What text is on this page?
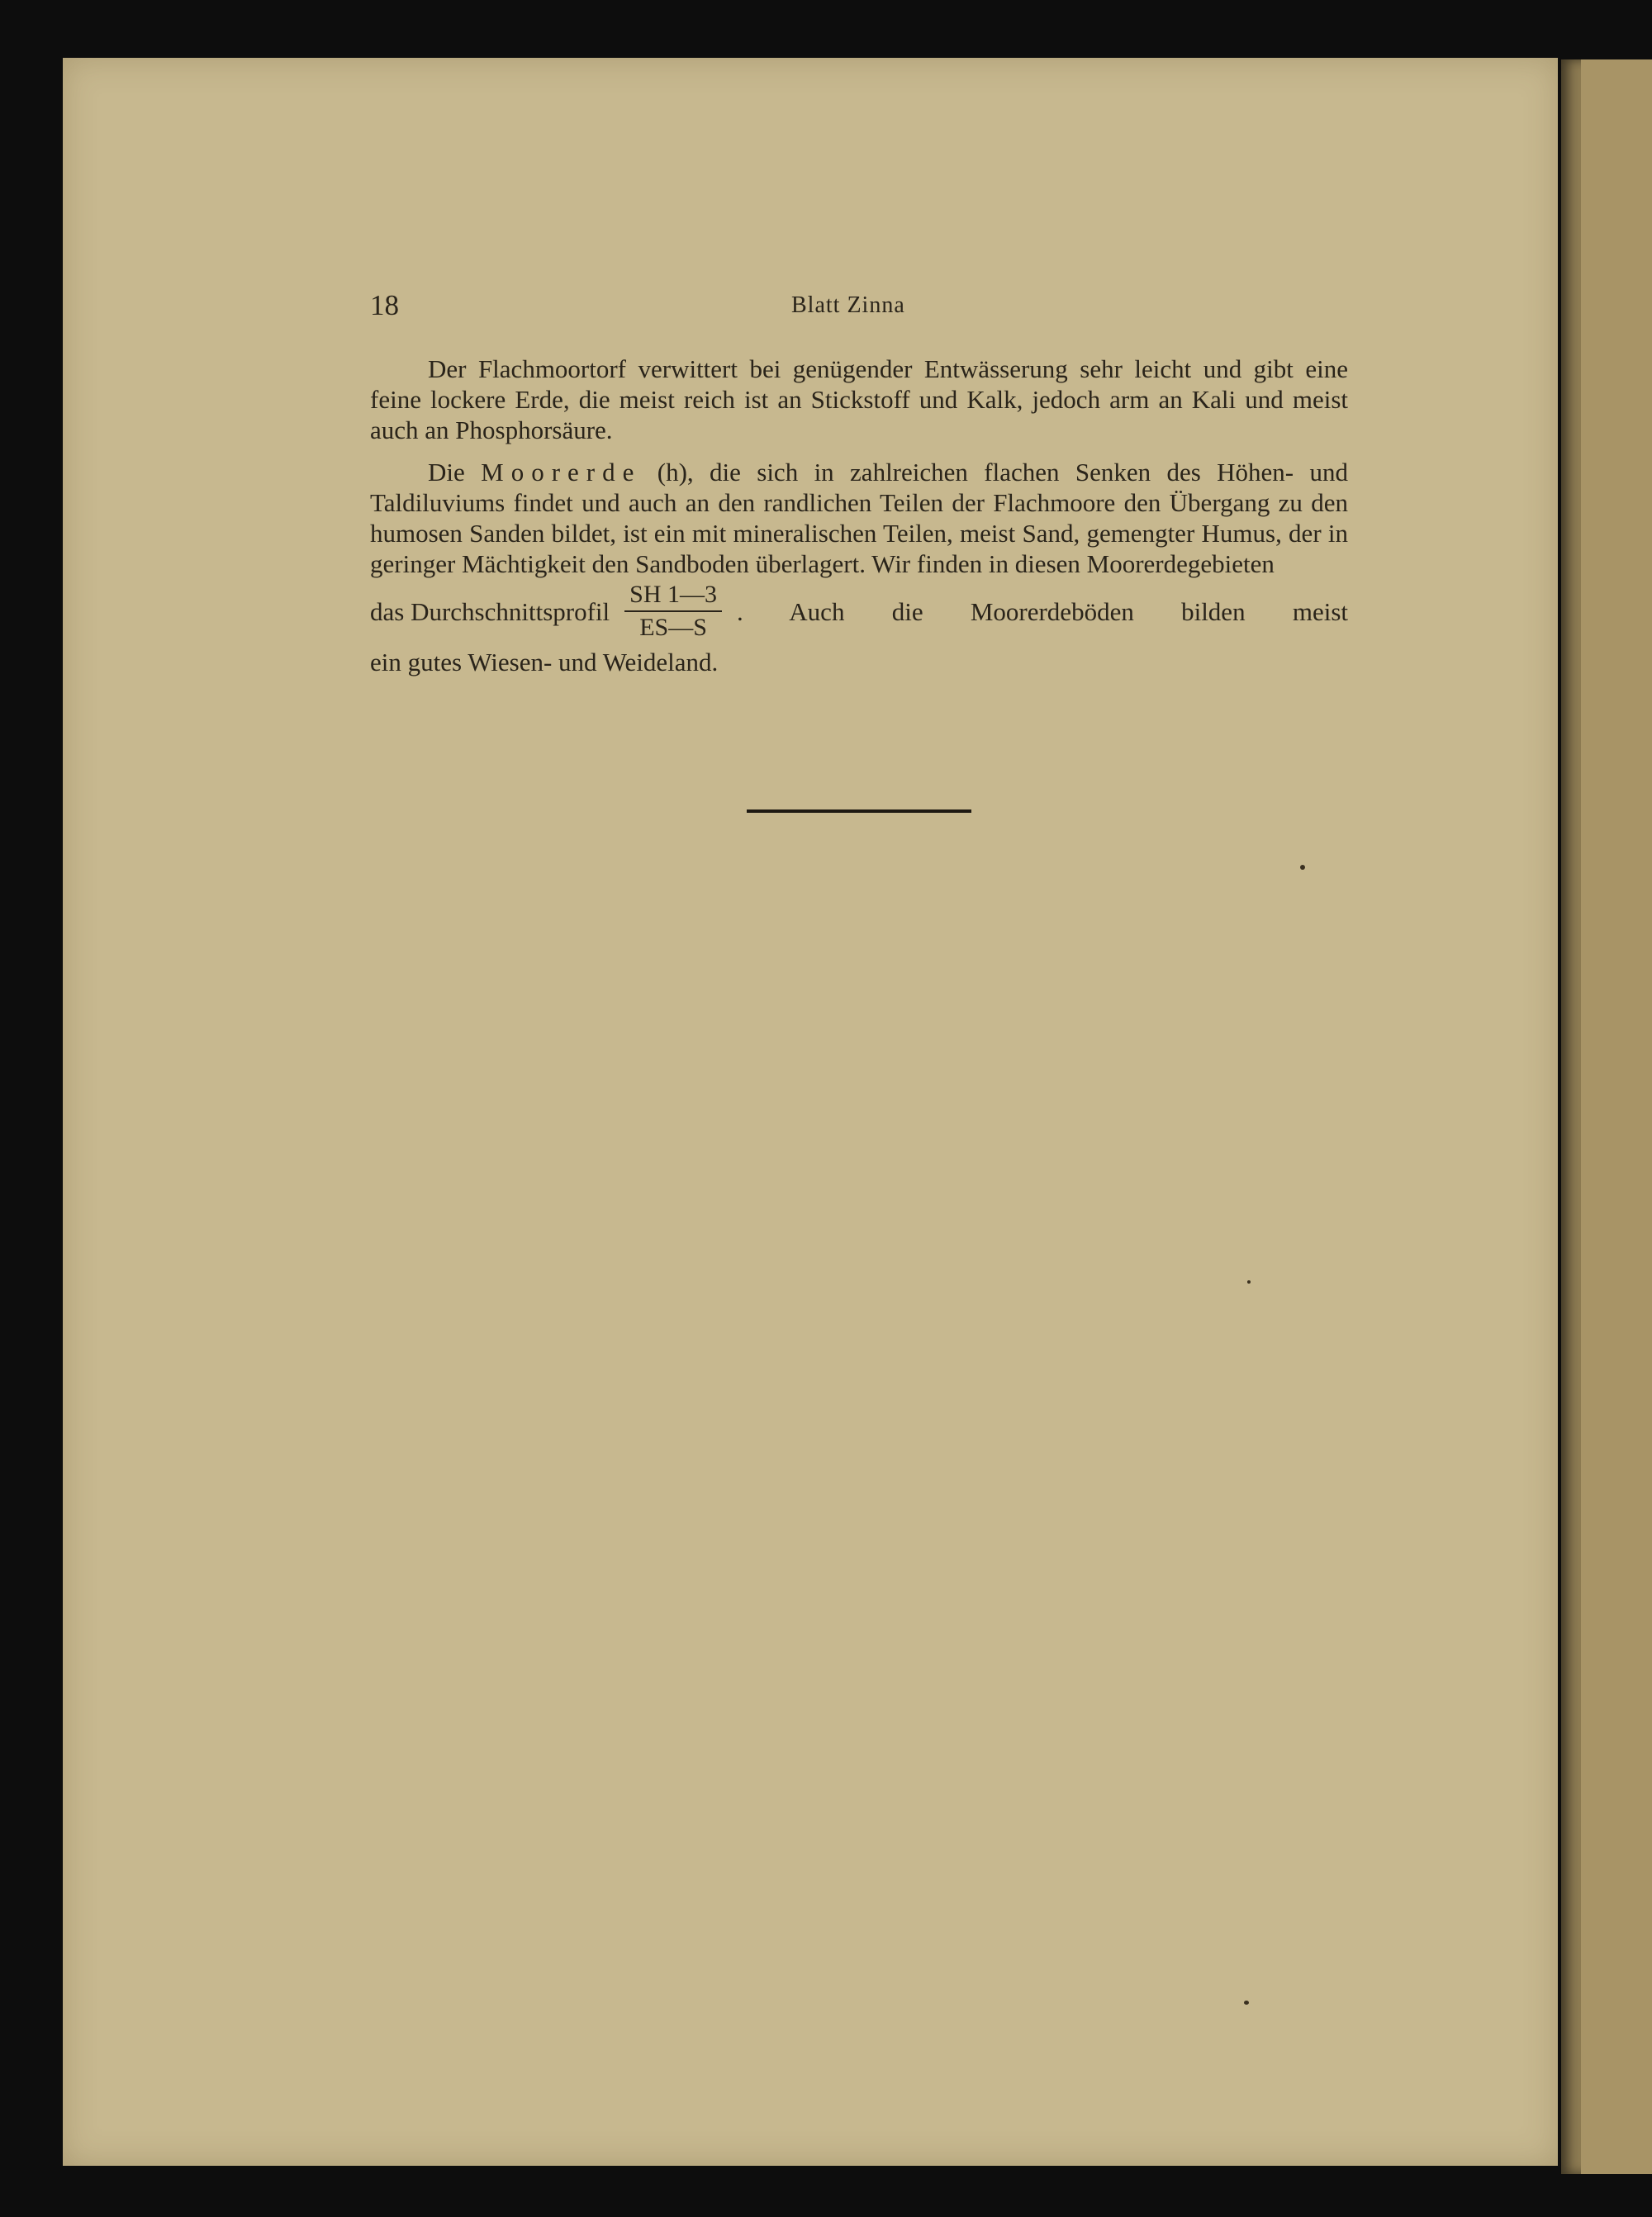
18	Blatt Zinna

Der Flachmoortorf verwittert bei genügender Entwässerung sehr leicht und gibt eine feine lockere Erde, die meist reich ist an Stickstoff und Kalk, jedoch arm an Kali und meist auch an Phosphorsäure.

Die Moorerde (h), die sich in zahlreichen flachen Senken des Höhen- und Taldiluviums findet und auch an den randlichen Teilen der Flachmoore den Übergang zu den humosen Sanden bildet, ist ein mit mineralischen Teilen, meist Sand, gemengter Humus, der in geringer Mächtigkeit den Sandboden überlagert. Wir finden in diesen Moorerdegebieten

das Durchschnittsprofil $\frac{SH 1—3}{ES—S}$ . Auch die Moorerdeböden bilden meist
ein gutes Wiesen- und Weideland.
